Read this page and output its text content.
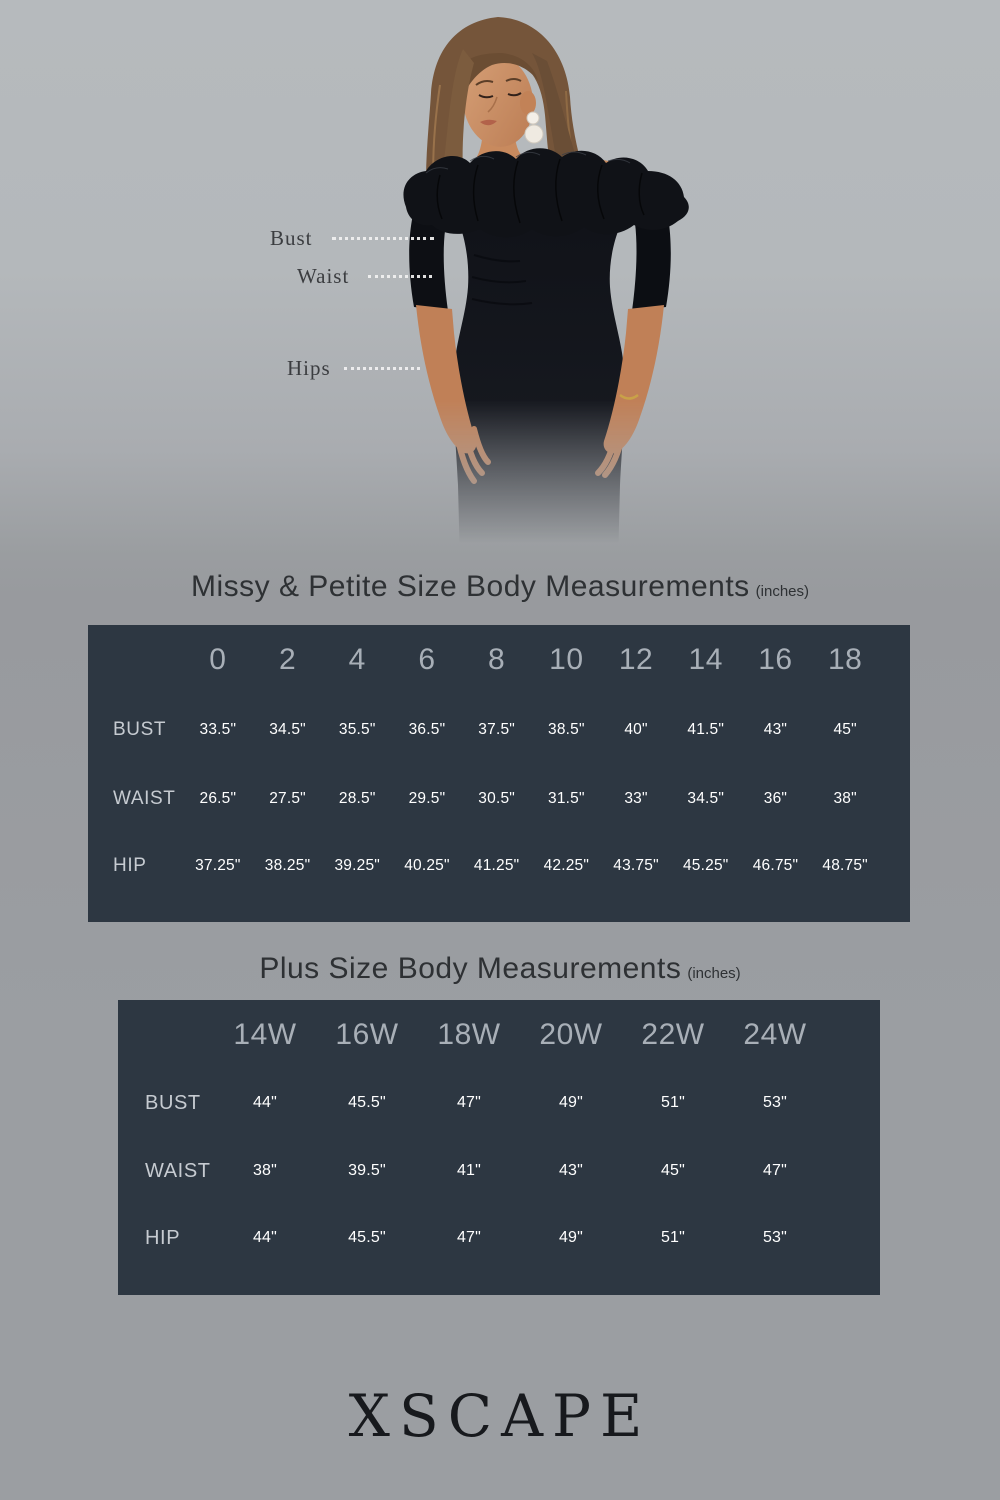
Bust
Waist
Hips
Missy & Petite Size Body Measurements (inches)
0	2	4	6	8	10	12	14	16	18
BUST	33.5"	34.5"	35.5"	36.5"	37.5"	38.5"	40"	41.5"	43"	45"
WAIST	26.5"	27.5"	28.5"	29.5"	30.5"	31.5"	33"	34.5"	36"	38"
HIP	37.25"	38.25"	39.25"	40.25"	41.25"	42.25"	43.75"	45.25"	46.75"	48.75"
Plus Size Body Measurements (inches)
14W	16W	18W	20W	22W	24W
BUST	44"	45.5"	47"	49"	51"	53"
WAIST	38"	39.5"	41"	43"	45"	47"
HIP	44"	45.5"	47"	49"	51"	53"
XSCAPE
